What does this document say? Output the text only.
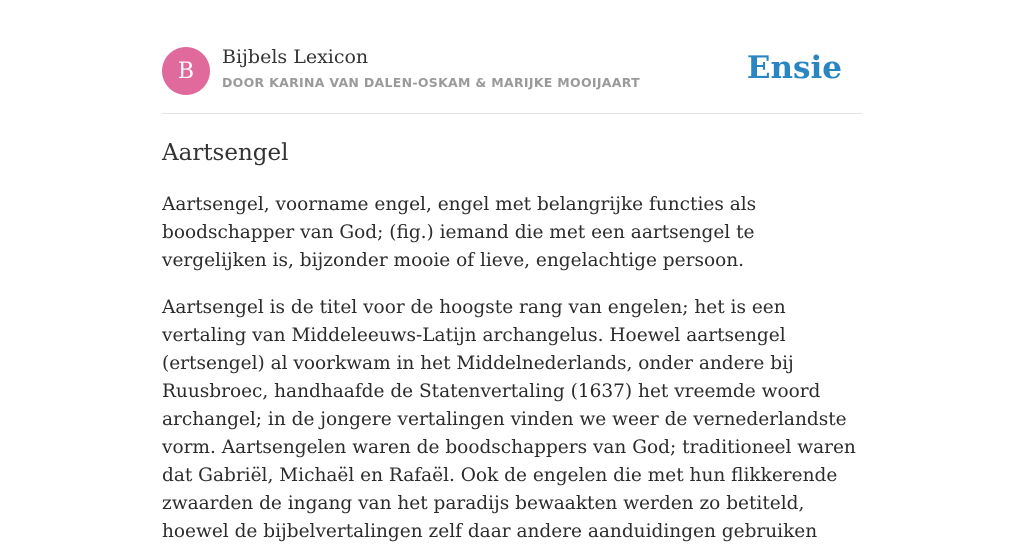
B
Bijbels Lexicon
DOOR KARINA VAN DALEN-OSKAM & MARIJKE MOOIJAART	Ensie
Aartsengel

Aartsengel, voorname engel, engel met belangrijke functies als boodschapper van God; (fig.) iemand die met een aartsengel te vergelijken is, bijzonder mooie of lieve, engelachtige persoon.

Aartsengel is de titel voor de hoogste rang van engelen; het is een vertaling van Middeleeuws-Latijn archangelus. Hoewel aartsengel (ertsengel) al voorkwam in het Middelnederlands, onder andere bij Ruusbroec, handhaafde de Statenvertaling (1637) het vreemde woord archangel; in de jongere vertalingen vinden we weer de vernederlandste vorm. Aartsengelen waren de boodschappers van God; traditioneel waren dat Gabriël, Michaël en Rafaël. Ook de engelen die met hun flikkerende zwaarden de ingang van het paradijs bewaakten werden zo betiteld, hoewel de bijbelvertalingen zelf daar andere aanduidingen gebruiken
